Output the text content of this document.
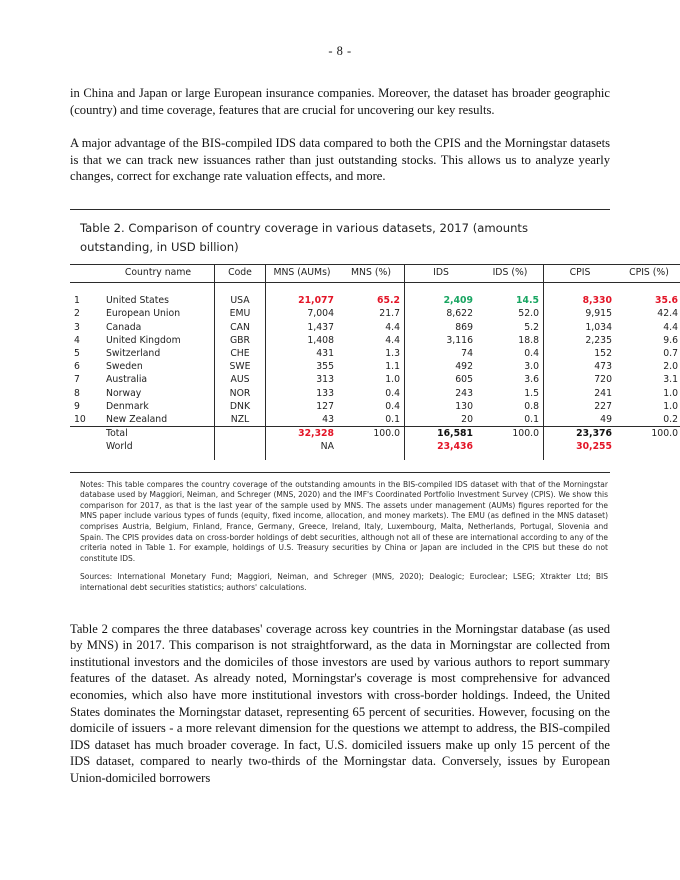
- 8 -

in China and Japan or large European insurance companies. Moreover, the dataset has broader geographic (country) and time coverage, features that are crucial for uncovering our key results.

A major advantage of the BIS-compiled IDS data compared to both the CPIS and the Morningstar datasets is that we can track new issuances rather than just outstanding stocks. This allows us to analyze yearly changes, correct for exchange rate valuation effects, and more.

Table 2. Comparison of country coverage in various datasets, 2017 (amounts
outstanding, in USD billion)
	Country name	Code	MNS (AUMs)	MNS (%)	IDS	IDS (%)	CPIS	CPIS (%)

1	United States	USA	21,077	65.2	2,409	14.5	8,330	35.6
2	European Union	EMU	7,004	21.7	8,622	52.0	9,915	42.4
3	Canada	CAN	1,437	4.4	869	5.2	1,034	4.4
4	United Kingdom	GBR	1,408	4.4	3,116	18.8	2,235	9.6
5	Switzerland	CHE	431	1.3	74	0.4	152	0.7
6	Sweden	SWE	355	1.1	492	3.0	473	2.0
7	Australia	AUS	313	1.0	605	3.6	720	3.1
8	Norway	NOR	133	0.4	243	1.5	241	1.0
9	Denmark	DNK	127	0.4	130	0.8	227	1.0
10	New Zealand	NZL	43	0.1	20	0.1	49	0.2
	Total		32,328	100.0	16,581	100.0	23,376	100.0
	World		NA		23,436		30,255	

Notes: This table compares the country coverage of the outstanding amounts in the BIS-compiled IDS dataset with that of the Morningstar database used by Maggiori, Neiman, and Schreger (MNS, 2020) and the IMF's Coordinated Portfolio Investment Survey (CPIS). We show this comparison for 2017, as that is the last year of the sample used by MNS. The assets under management (AUMs) figures reported for the MNS paper include various types of funds (equity, fixed income, allocation, and money markets). The EMU (as defined in the MNS dataset) comprises Austria, Belgium, Finland, France, Germany, Greece, Ireland, Italy, Luxembourg, Malta, Netherlands, Portugal, Slovenia and Spain. The CPIS provides data on cross-border holdings of debt securities, although not all of these are international according to any of the criteria noted in Table 1. For example, holdings of U.S. Treasury securities by China or Japan are included in the CPIS but these do not constitute IDS.

Sources: International Monetary Fund; Maggiori, Neiman, and Schreger (MNS, 2020); Dealogic; Euroclear; LSEG; Xtrakter Ltd; BIS international debt securities statistics; authors' calculations.

Table 2 compares the three databases' coverage across key countries in the Morningstar database (as used by MNS) in 2017. This comparison is not straightforward, as the data in Morningstar are collected from institutional investors and the domiciles of those investors are used by various authors to report summary features of the dataset. As already noted, Morningstar's coverage is most comprehensive for advanced economies, which also have more institutional investors with cross-border holdings. Indeed, the United States dominates the Morningstar dataset, representing 65 percent of securities. However, focusing on the domicile of issuers - a more relevant dimension for the questions we attempt to address, the BIS-compiled IDS dataset has much broader coverage. In fact, U.S. domiciled issuers make up only 15 percent of the IDS dataset, compared to nearly two-thirds of the Morningstar data. Conversely, issues by European Union-domiciled borrowers
